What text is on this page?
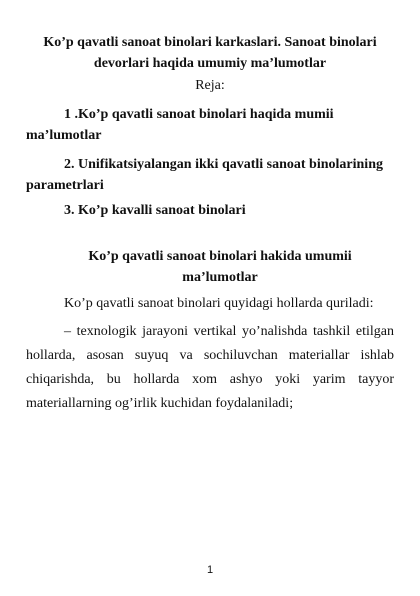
Ko’p qavatli sanoat binolari karkaslari. Sanoat binolari devorlari haqida umumiy ma’lumotlar
Reja:

1 .Ko’p qavatli sanoat binolari haqida mumii ma’lumotlar

2. Unifikatsiyalangan ikki qavatli sanoat binolarining parametrlari

3. Ko’p kavalli sanoat binolari

Ko’p qavatli sanoat binolari hakida umumii ma’lumotlar

Ko’p qavatli sanoat binolari quyidagi hollarda quriladi:

– texnologik jarayoni vertikal yo’nalishda tashkil etilgan hollarda, asosan suyuq va sochiluvchan materiallar ishlab chiqarishda, bu hollarda xom ashyo yoki yarim tayyor materiallarning og’irlik kuchidan foydalaniladi;

1
